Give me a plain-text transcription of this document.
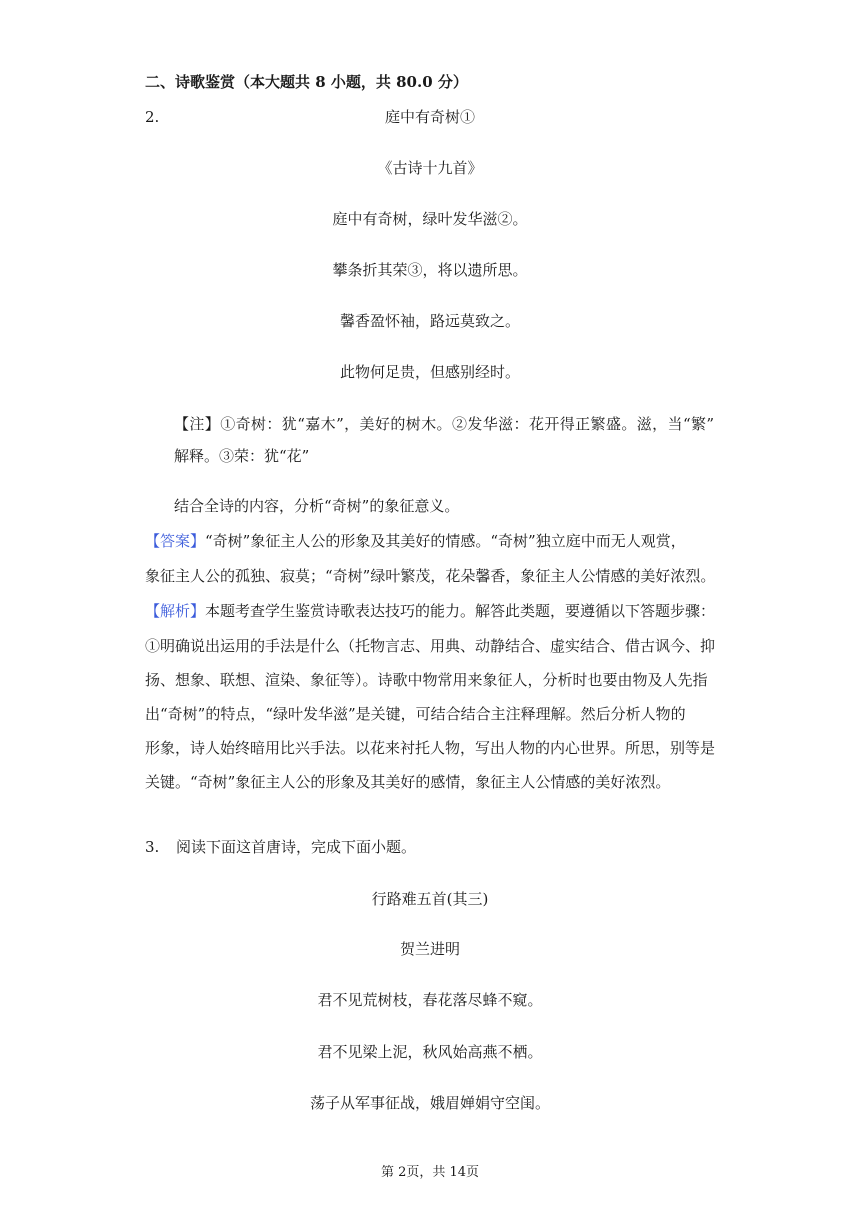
二、诗歌鉴赏（本大题共 8 小题，共 80.0 分）
2.	庭中有奇树①
《古诗十九首》
庭中有奇树，绿叶发华滋②。
攀条折其荣③，将以遗所思。
馨香盈怀袖，路远莫致之。
此物何足贵，但感别经时。
【注】①奇树：犹“嘉木”，美好的树木。②发华滋：花开得正繁盛。滋，当“繁”
解释。③荣：犹“花”
结合全诗的内容，分析“奇树”的象征意义。
【答案】“奇树”象征主人公的形象及其美好的情感。“奇树”独立庭中而无人观赏，
象征主人公的孤独、寂莫；“奇树”绿叶繁茂，花朵馨香，象征主人公情感的美好浓烈。
【解析】本题考查学生鉴赏诗歌表达技巧的能力。解答此类题，要遵循以下答题步骤：
①明确说出运用的手法是什么（托物言志、用典、动静结合、虚实结合、借古讽今、抑
扬、想象、联想、渲染、象征等）。诗歌中物常用来象征人，分析时也要由物及人先指
出“奇树”的特点，“绿叶发华滋”是关键，可结合结合主注释理解。然后分析人物的
形象，诗人始终暗用比兴手法。以花来衬托人物，写出人物的内心世界。所思，别等是
关键。“奇树”象征主人公的形象及其美好的感情，象征主人公情感的美好浓烈。
3. 阅读下面这首唐诗，完成下面小题。
行路难五首(其三)
贺兰进明
君不见荒树枝，春花落尽蜂不窥。
君不见梁上泥，秋风始高燕不栖。
荡子从军事征战，娥眉婵娟守空闺。
第 2页，共 14页
